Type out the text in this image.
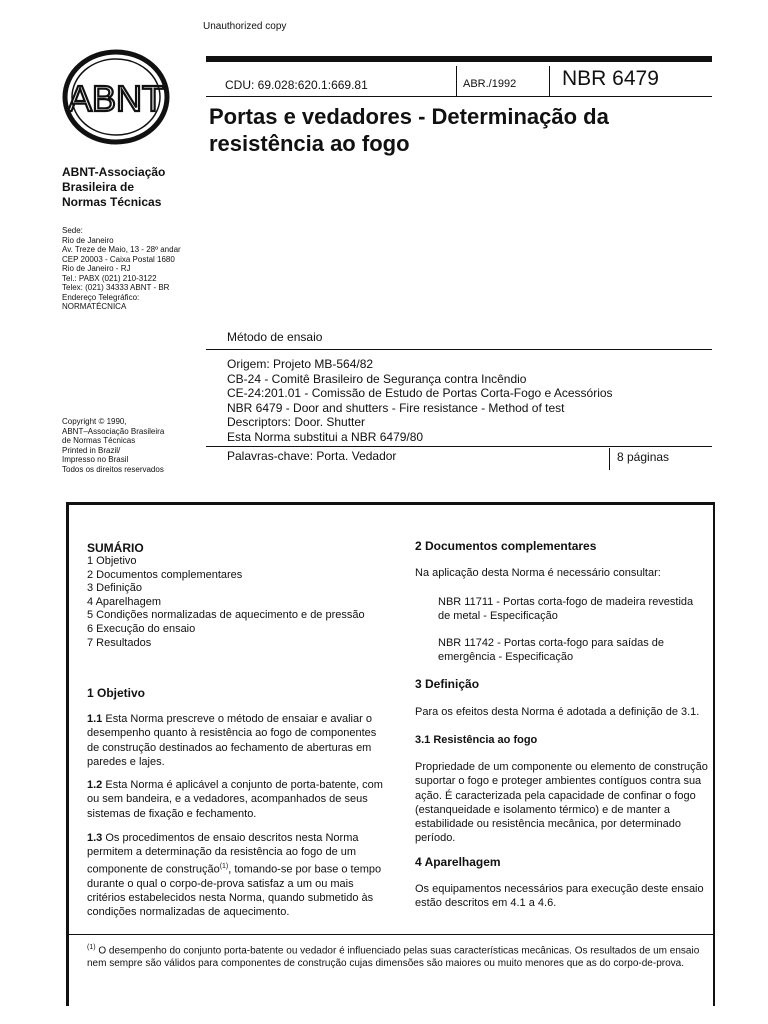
Unauthorized copy
ABNT
ABNT-Associação
Brasileira de
Normas Técnicas
Sede:
Rio de Janeiro
Av. Treze de Maio, 13 - 28º andar
CEP 20003 - Caixa Postal 1680
Rio de Janeiro - RJ
Tel.: PABX (021) 210-3122
Telex: (021) 34333 ABNT - BR
Endereço Telegráfico:
NORMATÉCNICA
Copyright © 1990,
ABNT–Associação Brasileira
de Normas Técnicas
Printed in Brazil/
Impresso no Brasil
Todos os direitos reservados
CDU: 69.028:620.1:669.81	ABR./1992 NBR 6479
Portas e vedadores - Determinação da
resistência ao fogo
Método de ensaio
Origem: Projeto MB-564/82
CB-24 - Comitê Brasileiro de Segurança contra Incêndio
CE-24:201.01 - Comissão de Estudo de Portas Corta-Fogo e Acessórios
NBR 6479 - Door and shutters - Fire resistance - Method of test
Descriptors: Door. Shutter
Esta Norma substitui a NBR 6479/80
Palavras-chave: Porta. Vedador	8 páginas
SUMÁRIO
1 Objetivo
2 Documentos complementares
3 Definição
4 Aparelhagem
5 Condições normalizadas de aquecimento e de pressão
6 Execução do ensaio
7 Resultados
1 Objetivo
1.1 Esta Norma prescreve o método de ensaiar e avaliar o desempenho quanto à resistência ao fogo de componentes de construção destinados ao fechamento de aberturas em paredes e lajes.
1.2 Esta Norma é aplicável a conjunto de porta-batente, com ou sem bandeira, e a vedadores, acompanhados de seus sistemas de fixação e fechamento.
1.3 Os procedimentos de ensaio descritos nesta Norma permitem a determinação da resistência ao fogo de um componente de construção$^{(1)}$, tomando-se por base o tempo durante o qual o corpo-de-prova satisfaz a um ou mais critérios estabelecidos nesta Norma, quando submetido às condições normalizadas de aquecimento.
2 Documentos complementares
Na aplicação desta Norma é necessário consultar:
NBR 11711 - Portas corta-fogo de madeira revestida de metal - Especificação
NBR 11742 - Portas corta-fogo para saídas de emergência - Especificação
3 Definição
Para os efeitos desta Norma é adotada a definição de 3.1.
3.1 Resistência ao fogo
Propriedade de um componente ou elemento de construção suportar o fogo e proteger ambientes contíguos contra sua ação. É caracterizada pela capacidade de confinar o fogo (estanqueidade e isolamento térmico) e de manter a estabilidade ou resistência mecânica, por determinado período.
4 Aparelhagem
Os equipamentos necessários para execução deste ensaio estão descritos em 4.1 a 4.6.
$^{(1)}$ O desempenho do conjunto porta-batente ou vedador é influenciado pelas suas características mecânicas. Os resultados de um ensaio nem sempre são válidos para componentes de construção cujas dimensões são maiores ou muito menores que as do corpo-de-prova.
